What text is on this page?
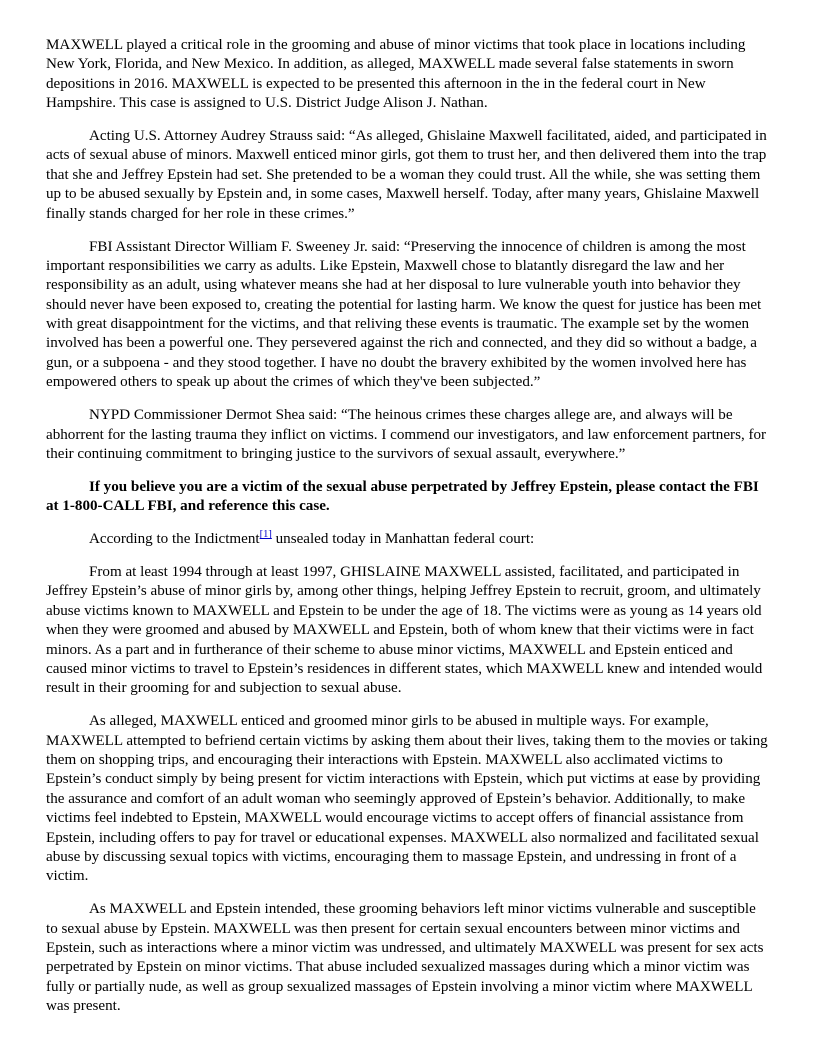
MAXWELL played a critical role in the grooming and abuse of minor victims that took place in locations including New York, Florida, and New Mexico. In addition, as alleged, MAXWELL made several false statements in sworn depositions in 2016. MAXWELL is expected to be presented this afternoon in the in the federal court in New Hampshire. This case is assigned to U.S. District Judge Alison J. Nathan.

Acting U.S. Attorney Audrey Strauss said: “As alleged, Ghislaine Maxwell facilitated, aided, and participated in acts of sexual abuse of minors. Maxwell enticed minor girls, got them to trust her, and then delivered them into the trap that she and Jeffrey Epstein had set. She pretended to be a woman they could trust. All the while, she was setting them up to be abused sexually by Epstein and, in some cases, Maxwell herself. Today, after many years, Ghislaine Maxwell finally stands charged for her role in these crimes.”

FBI Assistant Director William F. Sweeney Jr. said: “Preserving the innocence of children is among the most important responsibilities we carry as adults. Like Epstein, Maxwell chose to blatantly disregard the law and her responsibility as an adult, using whatever means she had at her disposal to lure vulnerable youth into behavior they should never have been exposed to, creating the potential for lasting harm. We know the quest for justice has been met with great disappointment for the victims, and that reliving these events is traumatic. The example set by the women involved has been a powerful one. They persevered against the rich and connected, and they did so without a badge, a gun, or a subpoena - and they stood together. I have no doubt the bravery exhibited by the women involved here has empowered others to speak up about the crimes of which they've been subjected.”

NYPD Commissioner Dermot Shea said: “The heinous crimes these charges allege are, and always will be abhorrent for the lasting trauma they inflict on victims. I commend our investigators, and law enforcement partners, for their continuing commitment to bringing justice to the survivors of sexual assault, everywhere.”

If you believe you are a victim of the sexual abuse perpetrated by Jeffrey Epstein, please contact the FBI at 1-800-CALL FBI, and reference this case.

According to the Indictment[1] unsealed today in Manhattan federal court:

From at least 1994 through at least 1997, GHISLAINE MAXWELL assisted, facilitated, and participated in Jeffrey Epstein’s abuse of minor girls by, among other things, helping Jeffrey Epstein to recruit, groom, and ultimately abuse victims known to MAXWELL and Epstein to be under the age of 18. The victims were as young as 14 years old when they were groomed and abused by MAXWELL and Epstein, both of whom knew that their victims were in fact minors. As a part and in furtherance of their scheme to abuse minor victims, MAXWELL and Epstein enticed and caused minor victims to travel to Epstein’s residences in different states, which MAXWELL knew and intended would result in their grooming for and subjection to sexual abuse.

As alleged, MAXWELL enticed and groomed minor girls to be abused in multiple ways. For example, MAXWELL attempted to befriend certain victims by asking them about their lives, taking them to the movies or taking them on shopping trips, and encouraging their interactions with Epstein. MAXWELL also acclimated victims to Epstein’s conduct simply by being present for victim interactions with Epstein, which put victims at ease by providing the assurance and comfort of an adult woman who seemingly approved of Epstein’s behavior. Additionally, to make victims feel indebted to Epstein, MAXWELL would encourage victims to accept offers of financial assistance from Epstein, including offers to pay for travel or educational expenses. MAXWELL also normalized and facilitated sexual abuse by discussing sexual topics with victims, encouraging them to massage Epstein, and undressing in front of a victim.

As MAXWELL and Epstein intended, these grooming behaviors left minor victims vulnerable and susceptible to sexual abuse by Epstein. MAXWELL was then present for certain sexual encounters between minor victims and Epstein, such as interactions where a minor victim was undressed, and ultimately MAXWELL was present for sex acts perpetrated by Epstein on minor victims. That abuse included sexualized massages during which a minor victim was fully or partially nude, as well as group sexualized massages of Epstein involving a minor victim where MAXWELL was present.
